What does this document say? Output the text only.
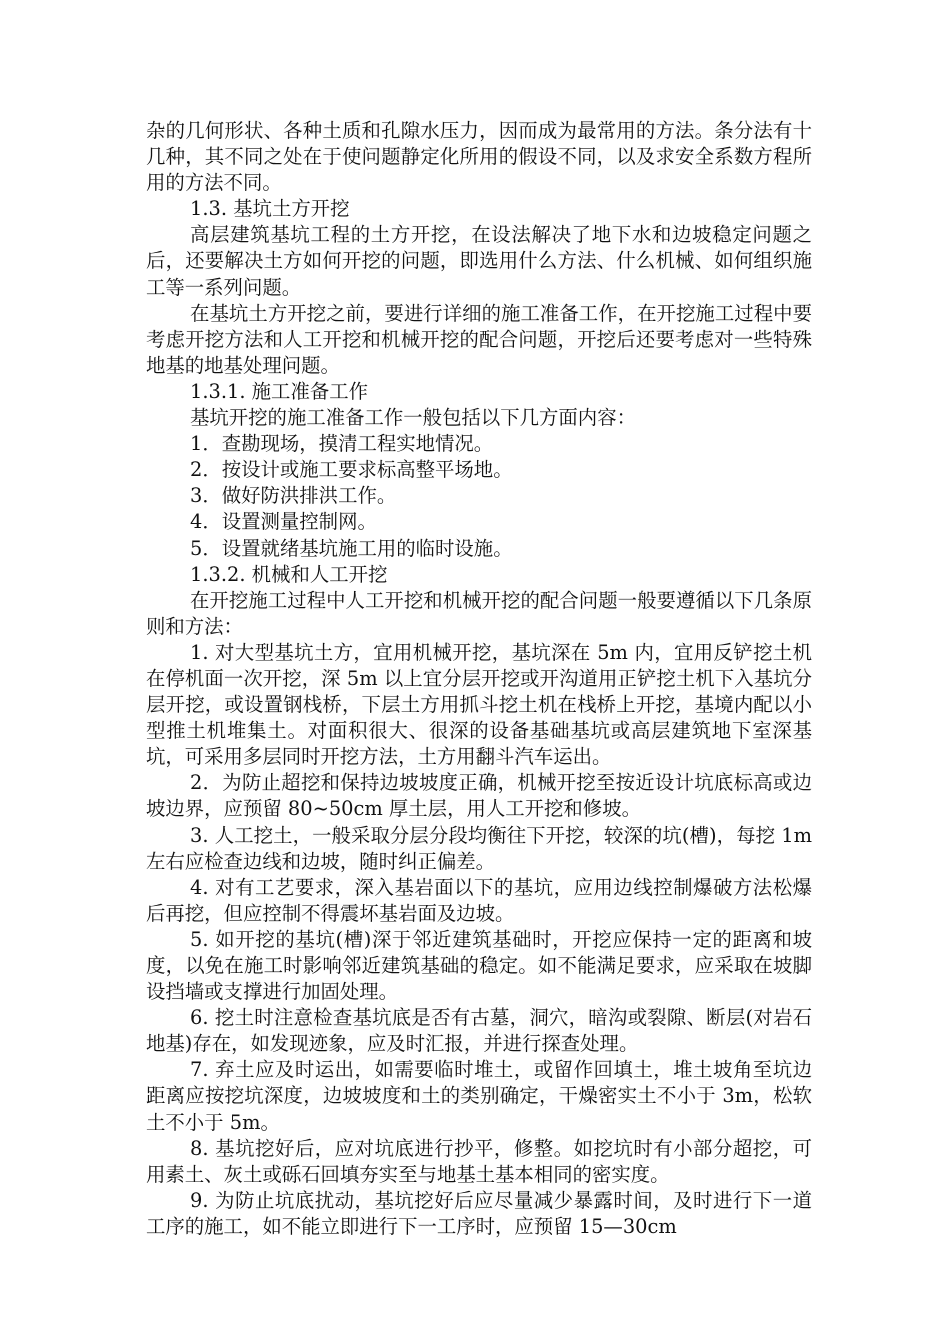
杂的几何形状、各种土质和孔隙水压力，因而成为最常用的方法。条分法有十几种，其不同之处在于使问题静定化所用的假设不同，以及求安全系数方程所用的方法不同。

1.3. 基坑土方开挖

高层建筑基坑工程的土方开挖，在设法解决了地下水和边坡稳定问题之后，还要解决土方如何开挖的问题，即选用什么方法、什么机械、如何组织施工等一系列问题。

在基坑土方开挖之前，要进行详细的施工准备工作，在开挖施工过程中要考虑开挖方法和人工开挖和机械开挖的配合问题，开挖后还要考虑对一些特殊地基的地基处理问题。

1.3.1. 施工准备工作

基坑开挖的施工准备工作一般包括以下几方面内容：

1．查勘现场，摸清工程实地情况。

2．按设计或施工要求标高整平场地。

3．做好防洪排洪工作。

4．设置测量控制网。

5．设置就绪基坑施工用的临时设施。

1.3.2. 机械和人工开挖

在开挖施工过程中人工开挖和机械开挖的配合问题一般要遵循以下几条原则和方法：

1. 对大型基坑土方，宜用机械开挖，基坑深在 5m 内，宜用反铲挖土机在停机面一次开挖，深 5m 以上宜分层开挖或开沟道用正铲挖土机下入基坑分层开挖，或设置钢栈桥，下层土方用抓斗挖土机在栈桥上开挖，基境内配以小型推土机堆集土。对面积很大、很深的设备基础基坑或高层建筑地下室深基坑，可采用多层同时开挖方法，土方用翻斗汽车运出。

2．为防止超挖和保持边坡坡度正确，机械开挖至按近设计坑底标高或边坡边界，应预留 80~50cm 厚土层，用人工开挖和修坡。

3. 人工挖土，一般采取分层分段均衡往下开挖，较深的坑(槽)，每挖 1m 左右应检查边线和边坡，随时纠正偏差。

4. 对有工艺要求，深入基岩面以下的基坑，应用边线控制爆破方法松爆后再挖，但应控制不得震坏基岩面及边坡。

5. 如开挖的基坑(槽)深于邻近建筑基础时，开挖应保持一定的距离和坡度，以免在施工时影响邻近建筑基础的稳定。如不能满足要求，应采取在坡脚设挡墙或支撑进行加固处理。

6. 挖土时注意检查基坑底是否有古墓，洞穴，暗沟或裂隙、断层(对岩石地基)存在，如发现迹象，应及时汇报，并进行探查处理。

7. 弃土应及时运出，如需要临时堆土，或留作回填土，堆土坡角至坑边距离应按挖坑深度，边坡坡度和土的类别确定，干燥密实土不小于 3m，松软土不小于 5m。

8. 基坑挖好后，应对坑底进行抄平，修整。如挖坑时有小部分超挖，可用素土、灰土或砾石回填夯实至与地基土基本相同的密实度。

9. 为防止坑底扰动，基坑挖好后应尽量减少暴露时间，及时进行下一道工序的施工，如不能立即进行下一工序时，应预留 15—30cm
